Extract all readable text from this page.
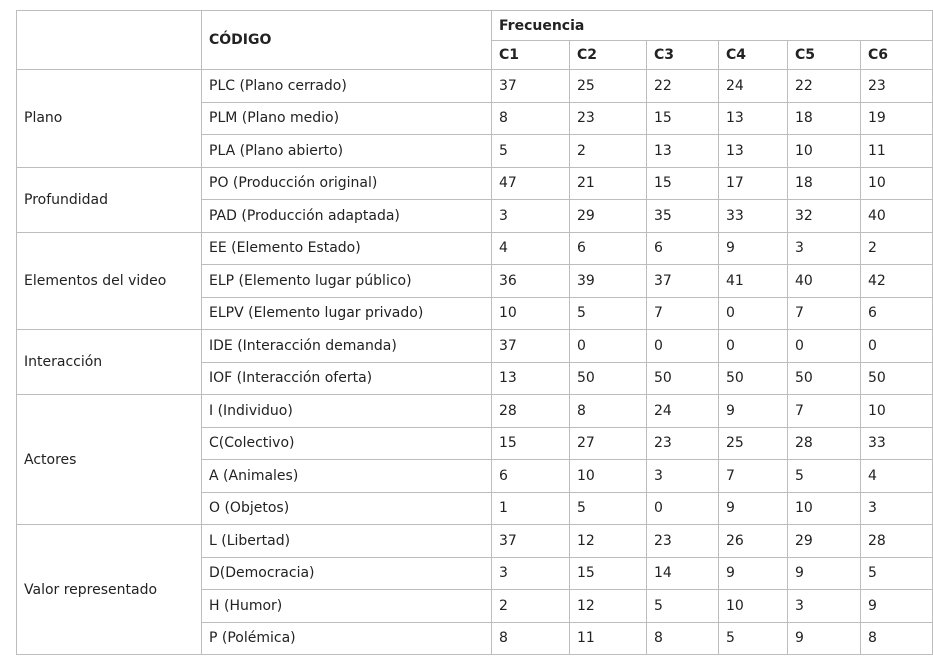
	CÓDIGO	Frecuencia					
		C1	C2	C3	C4	C5	C6
Plano	PLC (Plano cerrado)	37	25	22	24	22	23
	PLM (Plano medio)	8	23	15	13	18	19
	PLA (Plano abierto)	5	2	13	13	10	11
Profundidad	PO (Producción original)	47	21	15	17	18	10
	PAD (Producción adaptada)	3	29	35	33	32	40
Elementos del video	EE (Elemento Estado)	4	6	6	9	3	2
	ELP (Elemento lugar público)	36	39	37	41	40	42
	ELPV (Elemento lugar privado)	10	5	7	0	7	6
Interacción	IDE (Interacción demanda)	37	0	0	0	0	0
	IOF (Interacción oferta)	13	50	50	50	50	50
Actores	I (Individuo)	28	8	24	9	7	10
	C(Colectivo)	15	27	23	25	28	33
	A (Animales)	6	10	3	7	5	4
	O (Objetos)	1	5	0	9	10	3
Valor representado	L (Libertad)	37	12	23	26	29	28
	D(Democracia)	3	15	14	9	9	5
	H (Humor)	2	12	5	10	3	9
	P (Polémica)	8	11	8	5	9	8
